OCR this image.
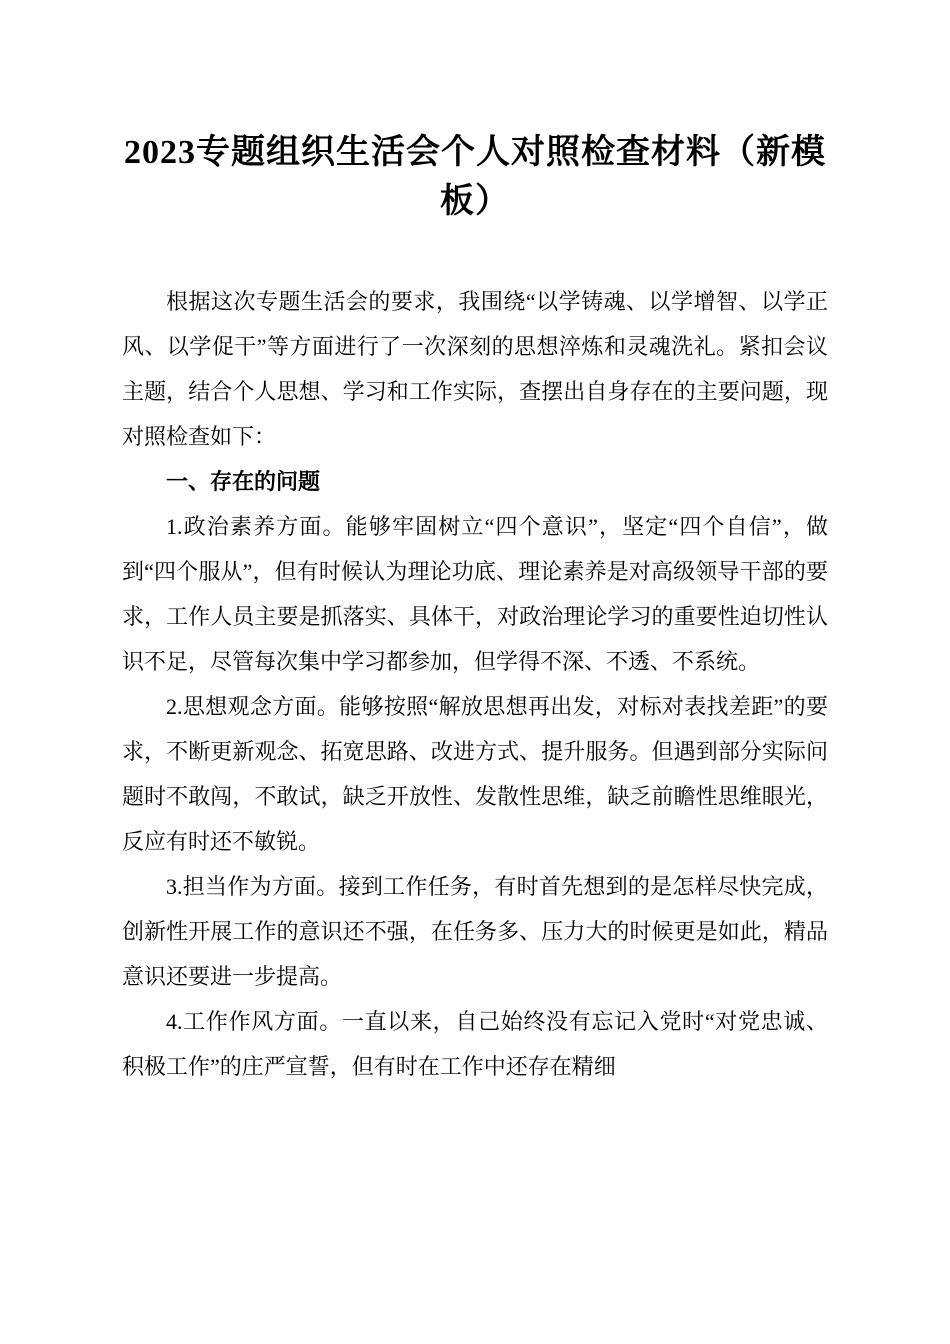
2023专题组织生活会个人对照检查材料（新模板）

根据这次专题生活会的要求，我围绕“以学铸魂、以学增智、以学正风、以学促干”等方面进行了一次深刻的思想淬炼和灵魂洗礼。紧扣会议主题，结合个人思想、学习和工作实际，查摆出自身存在的主要问题，现对照检查如下：

一、存在的问题

1.政治素养方面。能够牢固树立“四个意识”，坚定“四个自信”，做到“四个服从”，但有时候认为理论功底、理论素养是对高级领导干部的要求，工作人员主要是抓落实、具体干，对政治理论学习的重要性迫切性认识不足，尽管每次集中学习都参加，但学得不深、不透、不系统。

2.思想观念方面。能够按照“解放思想再出发，对标对表找差距”的要求，不断更新观念、拓宽思路、改进方式、提升服务。但遇到部分实际问题时不敢闯，不敢试，缺乏开放性、发散性思维，缺乏前瞻性思维眼光，反应有时还不敏锐。

3.担当作为方面。接到工作任务，有时首先想到的是怎样尽快完成，创新性开展工作的意识还不强，在任务多、压力大的时候更是如此，精品意识还要进一步提高。

4.工作作风方面。一直以来，自己始终没有忘记入党时“对党忠诚、积极工作”的庄严宣誓，但有时在工作中还存在精细
